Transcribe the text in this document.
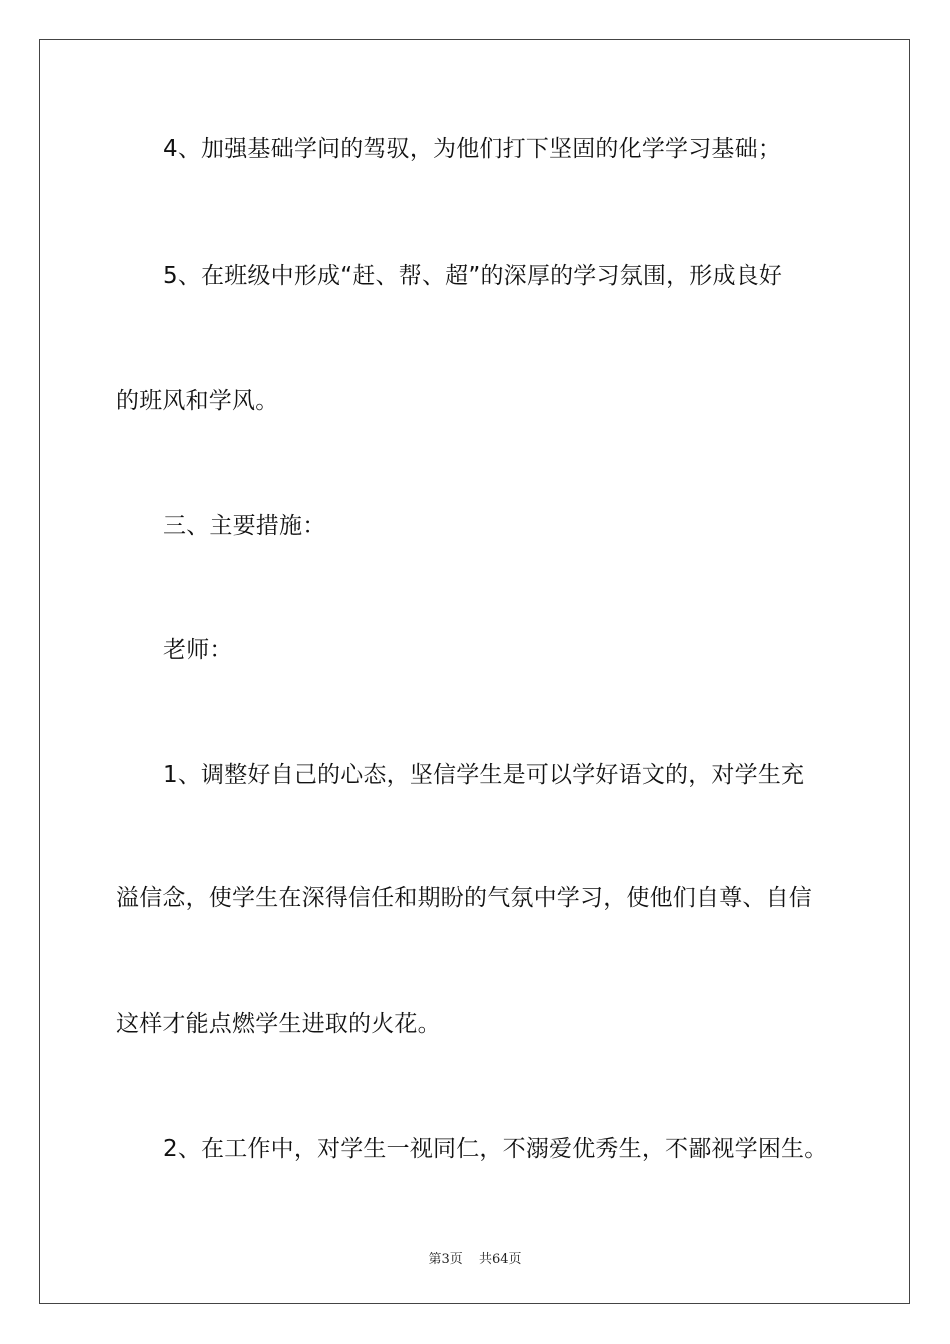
4、加强基础学问的驾驭，为他们打下坚固的化学学习基础；
5、在班级中形成“赶、帮、超”的深厚的学习氛围，形成良好
的班风和学风。
三、主要措施：
老师：
1、调整好自己的心态，坚信学生是可以学好语文的，对学生充
溢信念，使学生在深得信任和期盼的气氛中学习，使他们自尊、自信
这样才能点燃学生进取的火花。
2、在工作中，对学生一视同仁，不溺爱优秀生，不鄙视学困生。
第3页 共64页
